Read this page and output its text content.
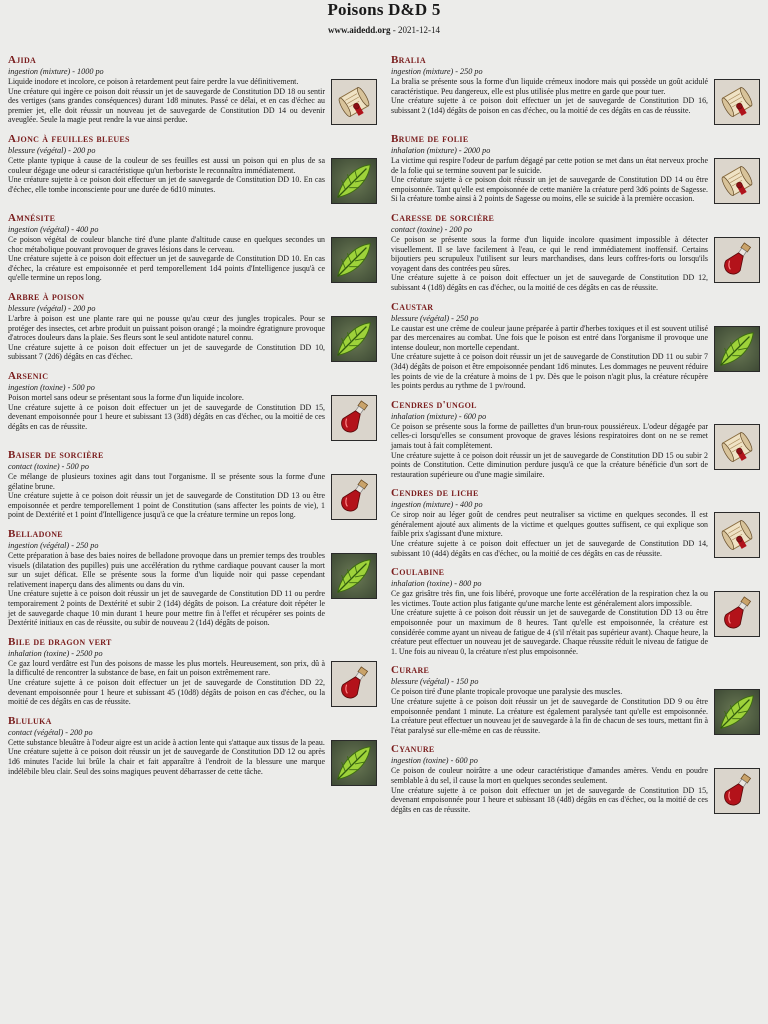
Poisons D&D 5
www.aidedd.org - 2021-12-14
Ajida
ingestion (mixture) - 1000 po

Liquide inodore et incolore, ce poison à retardement peut faire perdre la vue définitivement.

Une créature qui ingère ce poison doit réussir un jet de sauvegarde de Constitution DD 18 ou sentir des vertiges (sans grandes conséquences) durant 1d8 minutes. Passé ce délai, et en cas d'échec au premier jet, elle doit réussir un nouveau jet de sauvegarde de Constitution DD 14 ou devenir aveuglée. Seule la magie peut rendre la vue ainsi perdue.

Ajonc à feuilles bleues
blessure (végétal) - 200 po

Cette plante typique à cause de la couleur de ses feuilles est aussi un poison qui en plus de sa couleur dégage une odeur si caractéristique qu'un herboriste le reconnaîtra immédiatement.

Une créature sujette à ce poison doit effectuer un jet de sauvegarde de Constitution DD 10. En cas d'échec, elle tombe inconsciente pour une durée de 6d10 minutes.

Amnésite
ingestion (végétal) - 400 po

Ce poison végétal de couleur blanche tiré d'une plante d'altitude cause en quelques secondes un choc métabolique pouvant provoquer de graves lésions dans le cerveau.

Une créature sujette à ce poison doit effectuer un jet de sauvegarde de Constitution DD 10. En cas d'échec, la créature est empoisonnée et perd temporellement 1d4 points d'Intelligence jusqu'à ce qu'elle termine un repos long.

Arbre à poison
blessure (végétal) - 200 po

L'arbre à poison est une plante rare qui ne pousse qu'au cœur des jungles tropicales. Pour se protéger des insectes, cet arbre produit un puissant poison orangé ; la moindre égratignure provoque d'atroces douleurs dans la plaie. Ses fleurs sont le seul antidote naturel connu.

Une créature sujette à ce poison doit effectuer un jet de sauvegarde de Constitution DD 10, subissant 7 (2d6) dégâts en cas d'échec.

Arsenic
ingestion (toxine) - 500 po

Poison mortel sans odeur se présentant sous la forme d'un liquide incolore.

Une créature sujette à ce poison doit effectuer un jet de sauvegarde de Constitution DD 15, devenant empoisonnée pour 1 heure et subissant 13 (3d8) dégâts en cas d'échec, ou la moitié de ces dégâts en cas de réussite.

Baiser de sorcière
contact (toxine) - 500 po

Ce mélange de plusieurs toxines agit dans tout l'organisme. Il se présente sous la forme d'une gélatine brune.

Une créature sujette à ce poison doit réussir un jet de sauvegarde de Constitution DD 13 ou être empoisonnée et perdre temporellement 1 point de Constitution (sans affecter les points de vie), 1 point de Dextérité et 1 point d'Intelligence jusqu'à ce que la créature termine un repos long.

Belladone
ingestion (végétal) - 250 po

Cette préparation à base des baies noires de belladone provoque dans un premier temps des troubles visuels (dilatation des pupilles) puis une accélération du rythme cardiaque pouvant causer la mort sur un sujet déficat. Elle se présente sous la forme d'un liquide noir qui passe cependant relativement inaperçu dans des aliments ou dans du vin.

Une créature sujette à ce poison doit réussir un jet de sauvegarde de Constitution DD 11 ou perdre temporairement 2 points de Dextérité et subir 2 (1d4) dégâts de poison. La créature doit répéter le jet de sauvegarde chaque 10 min durant 1 heure pour mettre fin à l'effet et récupérer ses points de Dextérité initiaux en cas de réussite, ou subir de nouveau 2 (1d4) dégâts de poison.

Bile de dragon vert
inhalation (toxine) - 2500 po

Ce gaz lourd verdâtre est l'un des poisons de masse les plus mortels. Heureusement, son prix, dû à la difficulté de rencontrer la substance de base, en fait un poison extrêmement rare.

Une créature sujette à ce poison doit effectuer un jet de sauvegarde de Constitution DD 22, devenant empoisonnée pour 1 heure et subissant 45 (10d8) dégâts de poison en cas d'échec, ou la moitié de ces dégâts en cas de réussite.

Bluluka
contact (végétal) - 200 po

Cette substance bleuâtre à l'odeur aigre est un acide à action lente qui s'attaque aux tissus de la peau.

Une créature sujette à ce poison doit réussir un jet de sauvegarde de Constitution DD 12 ou après 1d6 minutes l'acide lui brûle la chair et fait apparaître à l'endroit de la blessure une marque indélébile bleu clair. Seul des soins magiques peuvent débarrasser de cette tâche.

Bralia
ingestion (mixture) - 250 po

La bralia se présente sous la forme d'un liquide crémeux inodore mais qui possède un goût acidulé caractéristique. Peu dangereux, elle est plus utilisée plus mettre en garde que pour tuer.

Une créature sujette à ce poison doit effectuer un jet de sauvegarde de Constitution DD 16, subissant 2 (1d4) dégâts de poison en cas d'échec, ou la moitié de ces dégâts en cas de réussite.

Brume de folie
inhalation (mixture) - 2000 po

La victime qui respire l'odeur de parfum dégagé par cette potion se met dans un état nerveux proche de la folie qui se termine souvent par le suicide.

Une créature sujette à ce poison doit réussir un jet de sauvegarde de Constitution DD 14 ou être empoisonnée. Tant qu'elle est empoisonnée de cette manière la créature perd 3d6 points de Sagesse. Si la créature tombe ainsi à 2 points de Sagesse ou moins, elle se suicide à la première occasion.

Caresse de sorcière
contact (toxine) - 200 po

Ce poison se présente sous la forme d'un liquide incolore quasiment impossible à détecter visuellement. Il se lave facilement à l'eau, ce qui le rend immédiatement inoffensif. Certains bijoutiers peu scrupuleux l'utilisent sur leurs marchandises, dans leurs coffres-forts ou lorsqu'ils voyagent dans des contrées peu sûres.

Une créature sujette à ce poison doit effectuer un jet de sauvegarde de Constitution DD 12, subissant 4 (1d8) dégâts en cas d'échec, ou la moitié de ces dégâts en cas de réussite.

Caustar
blessure (végétal) - 250 po

Le caustar est une crème de couleur jaune préparée à partir d'herbes toxiques et il est souvent utilisé par des mercenaires au combat. Une fois que le poison est entré dans l'organisme il provoque une intense douleur, non mortelle cependant.

Une créature sujette à ce poison doit réussir un jet de sauvegarde de Constitution DD 11 ou subir 7 (3d4) dégâts de poison et être empoisonnée pendant 1d6 minutes. Les dommages ne peuvent réduire les points de vie de la créature à moins de 1 pv. Dès que le poison n'agit plus, la créature récupère les points perdus au rythme de 1 pv/round.

Cendres d'ungol
inhalation (mixture) - 600 po

Ce poison se présente sous la forme de paillettes d'un brun-roux poussiéreux. L'odeur dégagée par celles-ci lorsqu'elles se consument provoque de graves lésions respiratoires dont on ne se remet jamais tout à fait complètement.

Une créature sujette à ce poison doit réussir un jet de sauvegarde de Constitution DD 15 ou subir 2 points de Constitution. Cette diminution perdure jusqu'à ce que la créature bénéficie d'un sort de restauration supérieure ou d'une magie similaire.

Cendres de liche
ingestion (mixture) - 400 po

Ce sirop noir au léger goût de cendres peut neutraliser sa victime en quelques secondes. Il est généralement ajouté aux aliments de la victime et quelques gouttes suffisent, ce qui explique son faible prix s'agissant d'une mixture.

Une créature sujette à ce poison doit effectuer un jet de sauvegarde de Constitution DD 14, subissant 10 (4d4) dégâts en cas d'échec, ou la moitié de ces dégâts en cas de réussite.

Coulabine
inhalation (toxine) - 800 po

Ce gaz grisâtre très fin, une fois libéré, provoque une forte accélération de la respiration chez la ou les victimes. Toute action plus fatigante qu'une marche lente est généralement alors impossible.

Une créature sujette à ce poison doit réussir un jet de sauvegarde de Constitution DD 13 ou être empoisonnée pour un maximum de 8 heures. Tant qu'elle est empoisonnée, la créature est considérée comme ayant un niveau de fatigue de 4 (s'il n'était pas supérieur avant). Chaque heure, la créature peut effectuer un nouveau jet de sauvegarde. Chaque réussite réduit le niveau de fatigue de 1. Une fois au niveau 0, la créature n'est plus empoisonnée.

Curare
blessure (végétal) - 150 po

Ce poison tiré d'une plante tropicale provoque une paralysie des muscles.

Une créature sujette à ce poison doit réussir un jet de sauvegarde de Constitution DD 9 ou être empoisonnée pendant 1 minute. La créature est également paralysée tant qu'elle est empoisonnée. La créature peut effectuer un nouveau jet de sauvegarde à la fin de chacun de ses tours, mettant fin à l'état paralysé sur elle-même en cas de réussite.

Cyanure
ingestion (toxine) - 600 po

Ce poison de couleur noirâtre a une odeur caractéristique d'amandes amères. Vendu en poudre semblable à du sel, il cause la mort en quelques secondes seulement.

Une créature sujette à ce poison doit effectuer un jet de sauvegarde de Constitution DD 15, devenant empoisonnée pour 1 heure et subissant 18 (4d8) dégâts en cas d'échec, ou la moitié de ces dégâts en cas de réussite.
